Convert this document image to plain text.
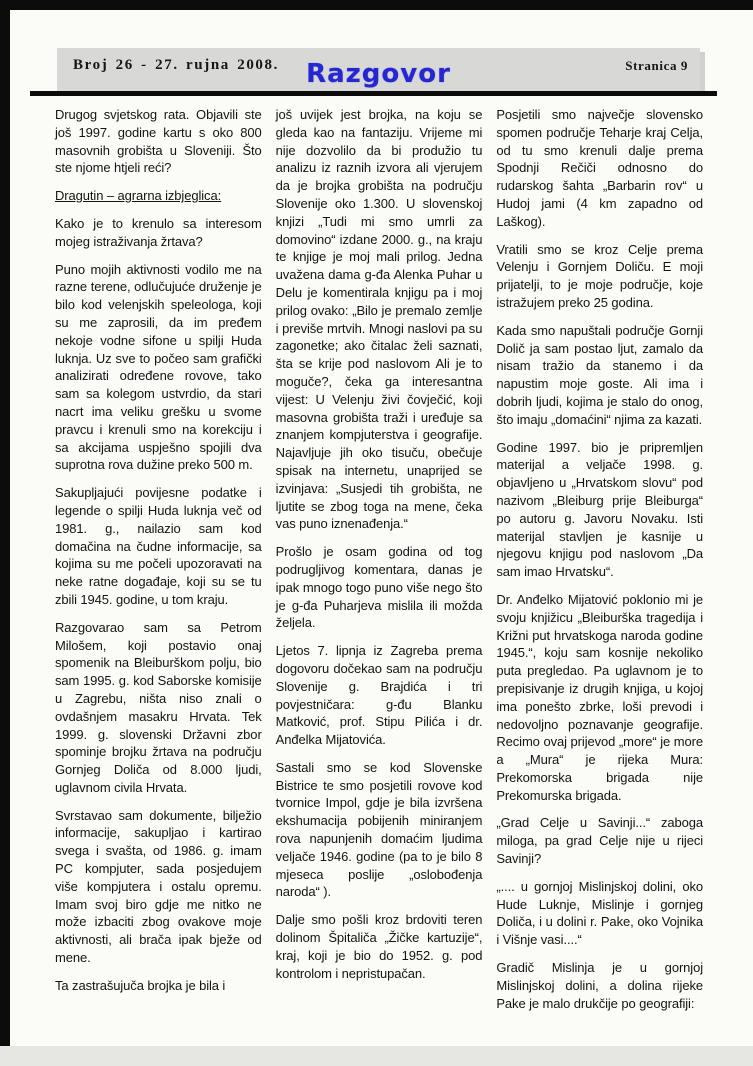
Broj 26 - 27. rujna 2008.	Razgovor	Stranica 9

Drugog svjetskog rata. Objavili ste još 1997. godine kartu s oko 800 masovnih grobišta u Sloveniji. Što ste njome htjeli reći?

Dragutin – agrarna izbjeglica:

Kako je to krenulo sa interesom mojeg istraživanja žrtava?

Puno mojih aktivnosti vodilo me na razne terene, odlučujuće druženje je bilo kod velenjskih speleologa, koji su me zaprosili, da im pređem nekoje vodne sifone u spilji Huda luknja. Uz sve to počeo sam grafički analizirati određene rovove, tako sam sa kolegom ustvrdio, da stari nacrt ima veliku grešku u svome pravcu i krenuli smo na korekciju i sa akcijama uspješno spojili dva suprotna rova dužine preko 500 m.

Sakupljajući povijesne podatke i legende o spilji Huda luknja več od 1981. g., nailazio sam kod domačina na čudne informacije, sa kojima su me počeli upozoravati na neke ratne događaje, koji su se tu zbili 1945. godine, u tom kraju.

Razgovarao sam sa Petrom Milošem, koji postavio onaj spomenik na Bleiburškom polju, bio sam 1995. g. kod Saborske komisije u Zagrebu, ništa niso znali o ovdašnjem masakru Hrvata. Tek 1999. g. slovenski Državni zbor spominje brojku žrtava na području Gornjeg Doliča od 8.000 ljudi, uglavnom civila Hrvata.

Svrstavao sam dokumente, bilježio informacije, sakupljao i kartirao svega i svašta, od 1986. g. imam PC kompjuter, sada posjedujem više kompjutera i ostalu opremu. Imam svoj biro gdje me nitko ne može izbaciti zbog ovakove moje aktivnosti, ali brača ipak bježe od mene.

Ta zastrašujuča brojka je bila i

još uvijek jest brojka, na koju se gleda kao na fantaziju. Vrijeme mi nije dozvolilo da bi produžio tu analizu iz raznih izvora ali vjerujem da je brojka grobišta na području Slovenije oko 1.300. U slovenskoj knjizi „Tudi mi smo umrli za domovino“ izdane 2000. g., na kraju te knjige je moj mali prilog. Jedna uvažena dama g-đa Alenka Puhar u Delu je komentirala knjigu pa i moj prilog ovako: „Bilo je premalo zemlje i previše mrtvih. Mnogi naslovi pa su zagonetke; ako čitalac želi saznati, šta se krije pod naslovom Ali je to moguče?, čeka ga interesantna vijest: U Velenju živi čovječić, koji masovna grobišta traži i uređuje sa znanjem kompjuterstva i geografije. Najavljuje jih oko tisuču, obečuje spisak na internetu, unaprijed se izvinjava: „Susjedi tih grobišta, ne ljutite se zbog toga na mene, čeka vas puno iznenađenja.“

Prošlo je osam godina od tog podrugljivog komentara, danas je ipak mnogo togo puno više nego što je g-đa Puharjeva mislila ili možda željela.

Ljetos 7. lipnja iz Zagreba prema dogovoru dočekao sam na području Slovenije g. Brajdića i tri povjestničara: g-đu Blanku Matković, prof. Stipu Pilića i dr. Anđelka Mijatovića.

Sastali smo se kod Slovenske Bistrice te smo posjetili rovove kod tvornice Impol, gdje je bila izvršena ekshumacija pobijenih miniranjem rova napunjenih domaćim ljudima veljače 1946. godine (pa to je bilo 8 mjeseca poslije „oslobođenja naroda“ ).

Dalje smo pošli kroz brdoviti teren dolinom Špitaliča „Žičke kartuzije“, kraj, koji je bio do 1952. g. pod kontrolom i nepristupačan.

Posjetili smo največje slovensko spomen područje Teharje kraj Celja, od tu smo krenuli dalje prema Spodnji Rečiči odnosno do rudarskog šahta „Barbarin rov“ u Hudoj jami (4 km zapadno od Laškog).

Vratili smo se kroz Celje prema Velenju i Gornjem Doliču. E moji prijatelji, to je moje područje, koje istražujem preko 25 godina.

Kada smo napuštali područje Gornji Dolič ja sam postao ljut, zamalo da nisam tražio da stanemo i da napustim moje goste. Ali ima i dobrih ljudi, kojima je stalo do onog, što imaju „domaćini“ njima za kazati.

Godine 1997. bio je pripremljen materijal a veljače 1998. g. objavljeno u „Hrvatskom slovu“ pod nazivom „Bleiburg prije Bleiburga“ po autoru g. Javoru Novaku. Isti materijal stavljen je kasnije u njegovu knjigu pod naslovom „Da sam imao Hrvatsku“.

Dr. Anđelko Mijatović poklonio mi je svoju knjižicu „Bleiburška tragedija i Križni put hrvatskoga naroda godine 1945.“, koju sam kosnije nekoliko puta pregledao. Pa uglavnom je to prepisivanje iz drugih knjiga, u kojoj ima ponešto zbrke, loši prevodi i nedovoljno poznavanje geografije. Recimo ovaj prijevod „more“ je more a „Mura“ je rijeka Mura: Prekomorska brigada nije Prekomurska brigada.

„Grad Celje u Savinji...“ zaboga miloga, pa grad Celje nije u rijeci Savinji?

„.... u gornjoj Mislinjskoj dolini, oko Hude Luknje, Mislinje i gornjeg Doliča, i u dolini r. Pake, oko Vojnika i Višnje vasi....“

Gradič Mislinja je u gornjoj Mislinjskoj dolini, a dolina rijeke Pake je malo drukčije po geografiji:
